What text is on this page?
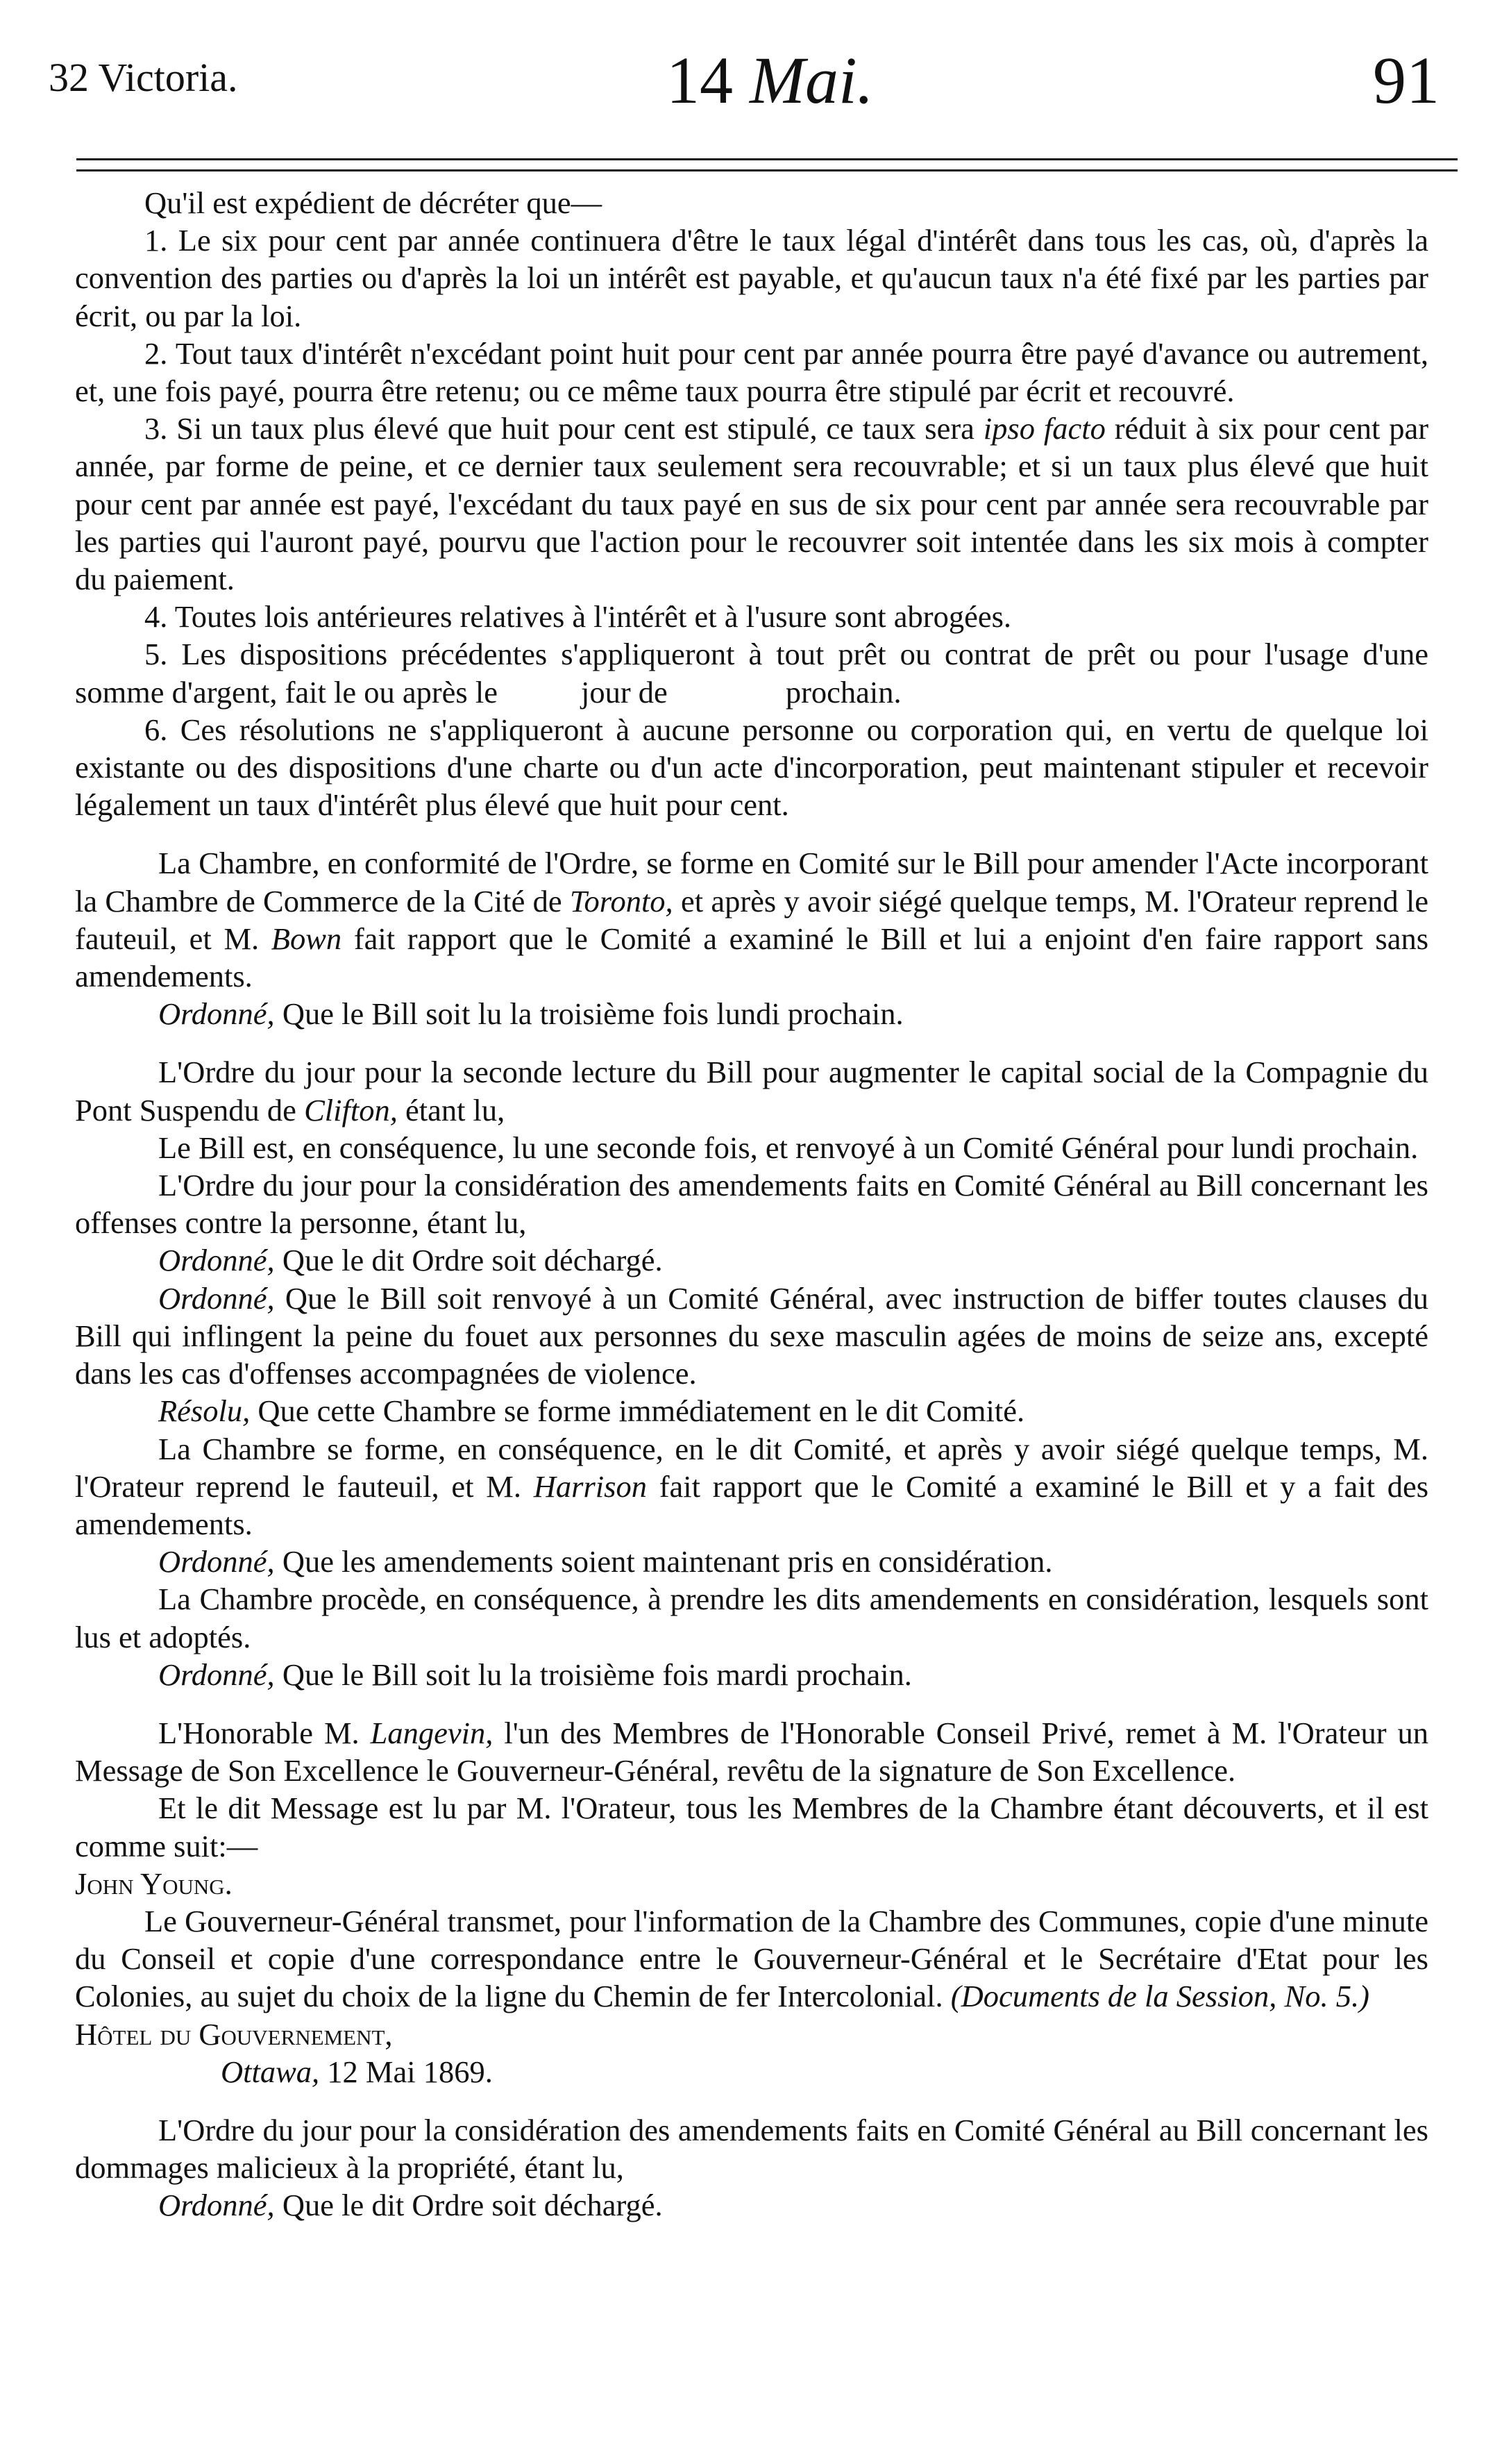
32 Victoria.	14 Mai.	91

Qu'il est expédient de décréter que—

1. Le six pour cent par année continuera d'être le taux légal d'intérêt dans tous les cas, où, d'après la convention des parties ou d'après la loi un intérêt est payable, et qu'aucun taux n'a été fixé par les parties par écrit, ou par la loi.

2. Tout taux d'intérêt n'excédant point huit pour cent par année pourra être payé d'avance ou autrement, et, une fois payé, pourra être retenu; ou ce même taux pourra être stipulé par écrit et recouvré.

3. Si un taux plus élevé que huit pour cent est stipulé, ce taux sera ipso facto réduit à six pour cent par année, par forme de peine, et ce dernier taux seulement sera recouvrable; et si un taux plus élevé que huit pour cent par année est payé, l'excédant du taux payé en sus de six pour cent par année sera recouvrable par les parties qui l'auront payé, pourvu que l'action pour le recouvrer soit intentée dans les six mois à compter du paiement.

4. Toutes lois antérieures relatives à l'intérêt et à l'usure sont abrogées.

5. Les dispositions précédentes s'appliqueront à tout prêt ou contrat de prêt ou pour l'usage d'une somme d'argent, fait le ou après le	jour de	prochain.

6. Ces résolutions ne s'appliqueront à aucune personne ou corporation qui, en vertu de quelque loi existante ou des dispositions d'une charte ou d'un acte d'incorporation, peut maintenant stipuler et recevoir légalement un taux d'intérêt plus élevé que huit pour cent.

La Chambre, en conformité de l'Ordre, se forme en Comité sur le Bill pour amender l'Acte incorporant la Chambre de Commerce de la Cité de Toronto, et après y avoir siégé quelque temps, M. l'Orateur reprend le fauteuil, et M. Bown fait rapport que le Comité a examiné le Bill et lui a enjoint d'en faire rapport sans amendements.

Ordonné, Que le Bill soit lu la troisième fois lundi prochain.

L'Ordre du jour pour la seconde lecture du Bill pour augmenter le capital social de la Compagnie du Pont Suspendu de Clifton, étant lu,

Le Bill est, en conséquence, lu une seconde fois, et renvoyé à un Comité Général pour lundi prochain.

L'Ordre du jour pour la considération des amendements faits en Comité Général au Bill concernant les offenses contre la personne, étant lu,

Ordonné, Que le dit Ordre soit déchargé.

Ordonné, Que le Bill soit renvoyé à un Comité Général, avec instruction de biffer toutes clauses du Bill qui inflingent la peine du fouet aux personnes du sexe masculin agées de moins de seize ans, excepté dans les cas d'offenses accompagnées de violence.

Résolu, Que cette Chambre se forme immédiatement en le dit Comité.

La Chambre se forme, en conséquence, en le dit Comité, et après y avoir siégé quelque temps, M. l'Orateur reprend le fauteuil, et M. Harrison fait rapport que le Comité a examiné le Bill et y a fait des amendements.

Ordonné, Que les amendements soient maintenant pris en considération.

La Chambre procède, en conséquence, à prendre les dits amendements en considération, lesquels sont lus et adoptés.

Ordonné, Que le Bill soit lu la troisième fois mardi prochain.

L'Honorable M. Langevin, l'un des Membres de l'Honorable Conseil Privé, remet à M. l'Orateur un Message de Son Excellence le Gouverneur-Général, revêtu de la signature de Son Excellence.

Et le dit Message est lu par M. l'Orateur, tous les Membres de la Chambre étant découverts, et il est comme suit:—

John Young.

Le Gouverneur-Général transmet, pour l'information de la Chambre des Communes, copie d'une minute du Conseil et copie d'une correspondance entre le Gouverneur-Général et le Secrétaire d'Etat pour les Colonies, au sujet du choix de la ligne du Chemin de fer Intercolonial. (Documents de la Session, No. 5.)

Hôtel du Gouvernement,

Ottawa, 12 Mai 1869.

L'Ordre du jour pour la considération des amendements faits en Comité Général au Bill concernant les dommages malicieux à la propriété, étant lu,

Ordonné, Que le dit Ordre soit déchargé.
